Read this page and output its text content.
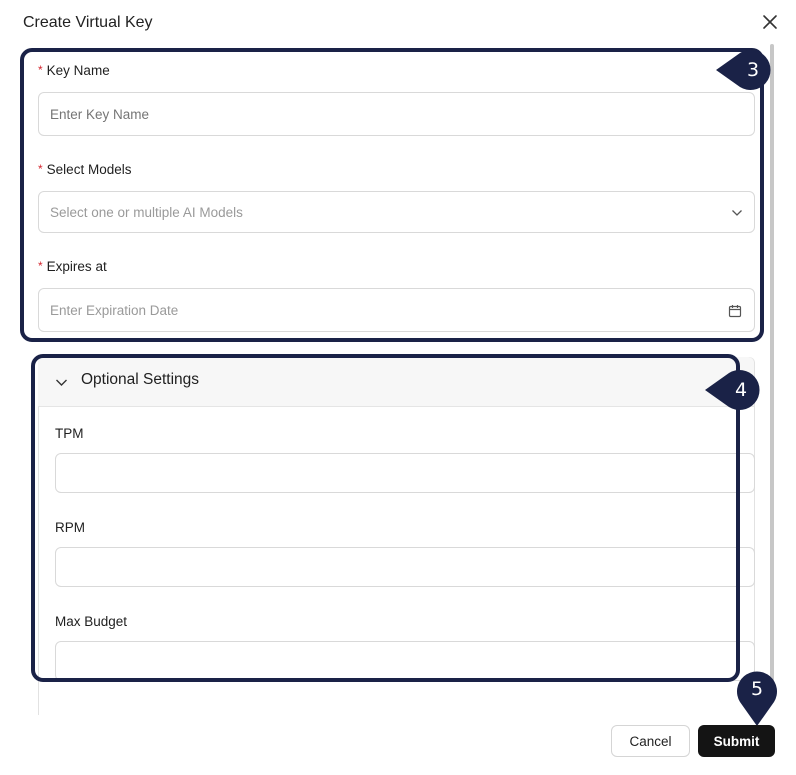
Create Virtual Key
* Key Name
Enter Key Name
* Select Models
Select one or multiple AI Models
* Expires at
Enter Expiration Date
Optional Settings
TPM
RPM
Max Budget
3
4
5
Cancel	Submit
